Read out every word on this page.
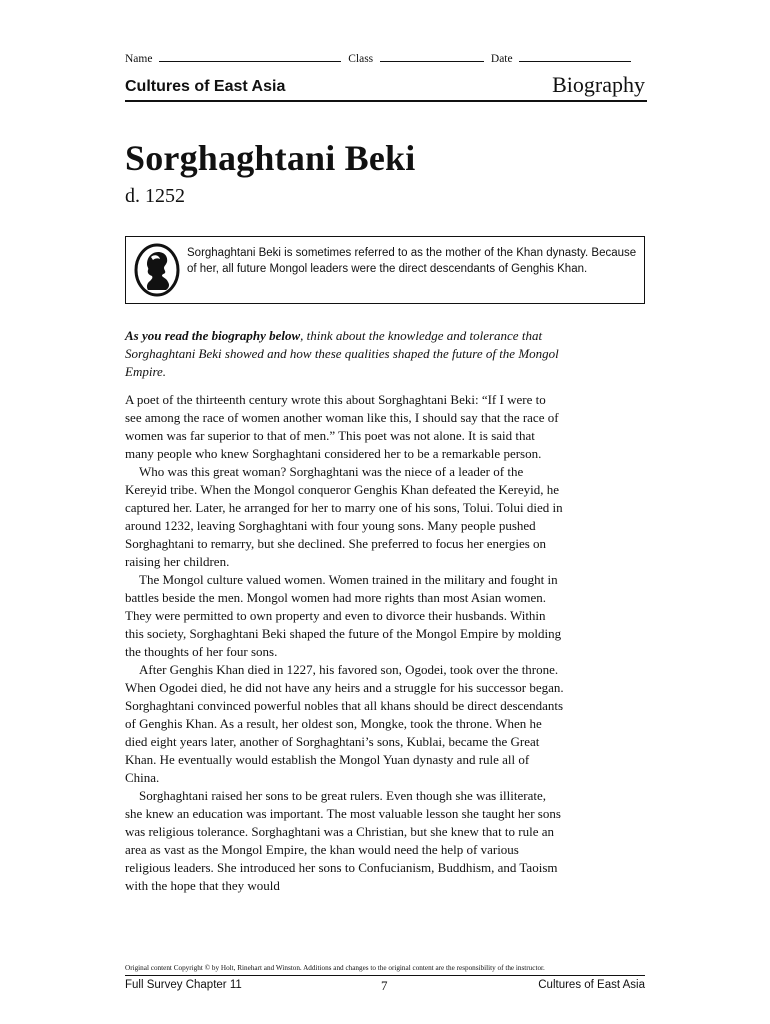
Name	Class	Date
Cultures of East Asia	Biography
Sorghaghtani Beki
d. 1252
Sorghaghtani Beki is sometimes referred to as the mother of the Khan dynasty. Because of her, all future Mongol leaders were the direct descendants of Genghis Khan.
As you read the biography below, think about the knowledge and tolerance that Sorghaghtani Beki showed and how these qualities shaped the future of the Mongol Empire.

A poet of the thirteenth century wrote this about Sorghaghtani Beki: “If I were to see among the race of women another woman like this, I should say that the race of women was far superior to that of men.” This poet was not alone. It is said that many people who knew Sorghaghtani considered her to be a remarkable person.

Who was this great woman? Sorghaghtani was the niece of a leader of the Kereyid tribe. When the Mongol conqueror Genghis Khan defeated the Kereyid, he captured her. Later, he arranged for her to marry one of his sons, Tolui. Tolui died in around 1232, leaving Sorghaghtani with four young sons. Many people pushed Sorghaghtani to remarry, but she declined. She preferred to focus her energies on raising her children.

The Mongol culture valued women. Women trained in the military and fought in battles beside the men. Mongol women had more rights than most Asian women. They were permitted to own property and even to divorce their husbands. Within this society, Sorghaghtani Beki shaped the future of the Mongol Empire by molding the thoughts of her four sons.

After Genghis Khan died in 1227, his favored son, Ogodei, took over the throne. When Ogodei died, he did not have any heirs and a struggle for his successor began. Sorghaghtani convinced powerful nobles that all khans should be direct descendants of Genghis Khan. As a result, her oldest son, Mongke, took the throne. When he died eight years later, another of Sorghaghtani’s sons, Kublai, became the Great Khan. He eventually would establish the Mongol Yuan dynasty and rule all of China.

Sorghaghtani raised her sons to be great rulers. Even though she was illiterate, she knew an education was important. The most valuable lesson she taught her sons was religious tolerance. Sorghaghtani was a Christian, but she knew that to rule an area as vast as the Mongol Empire, the khan would need the help of various religious leaders. She introduced her sons to Confucianism, Buddhism, and Taoism with the hope that they would

Original content Copyright © by Holt, Rinehart and Winston. Additions and changes to the original content are the responsibility of the instructor.
Full Survey Chapter 11	7	Cultures of East Asia
